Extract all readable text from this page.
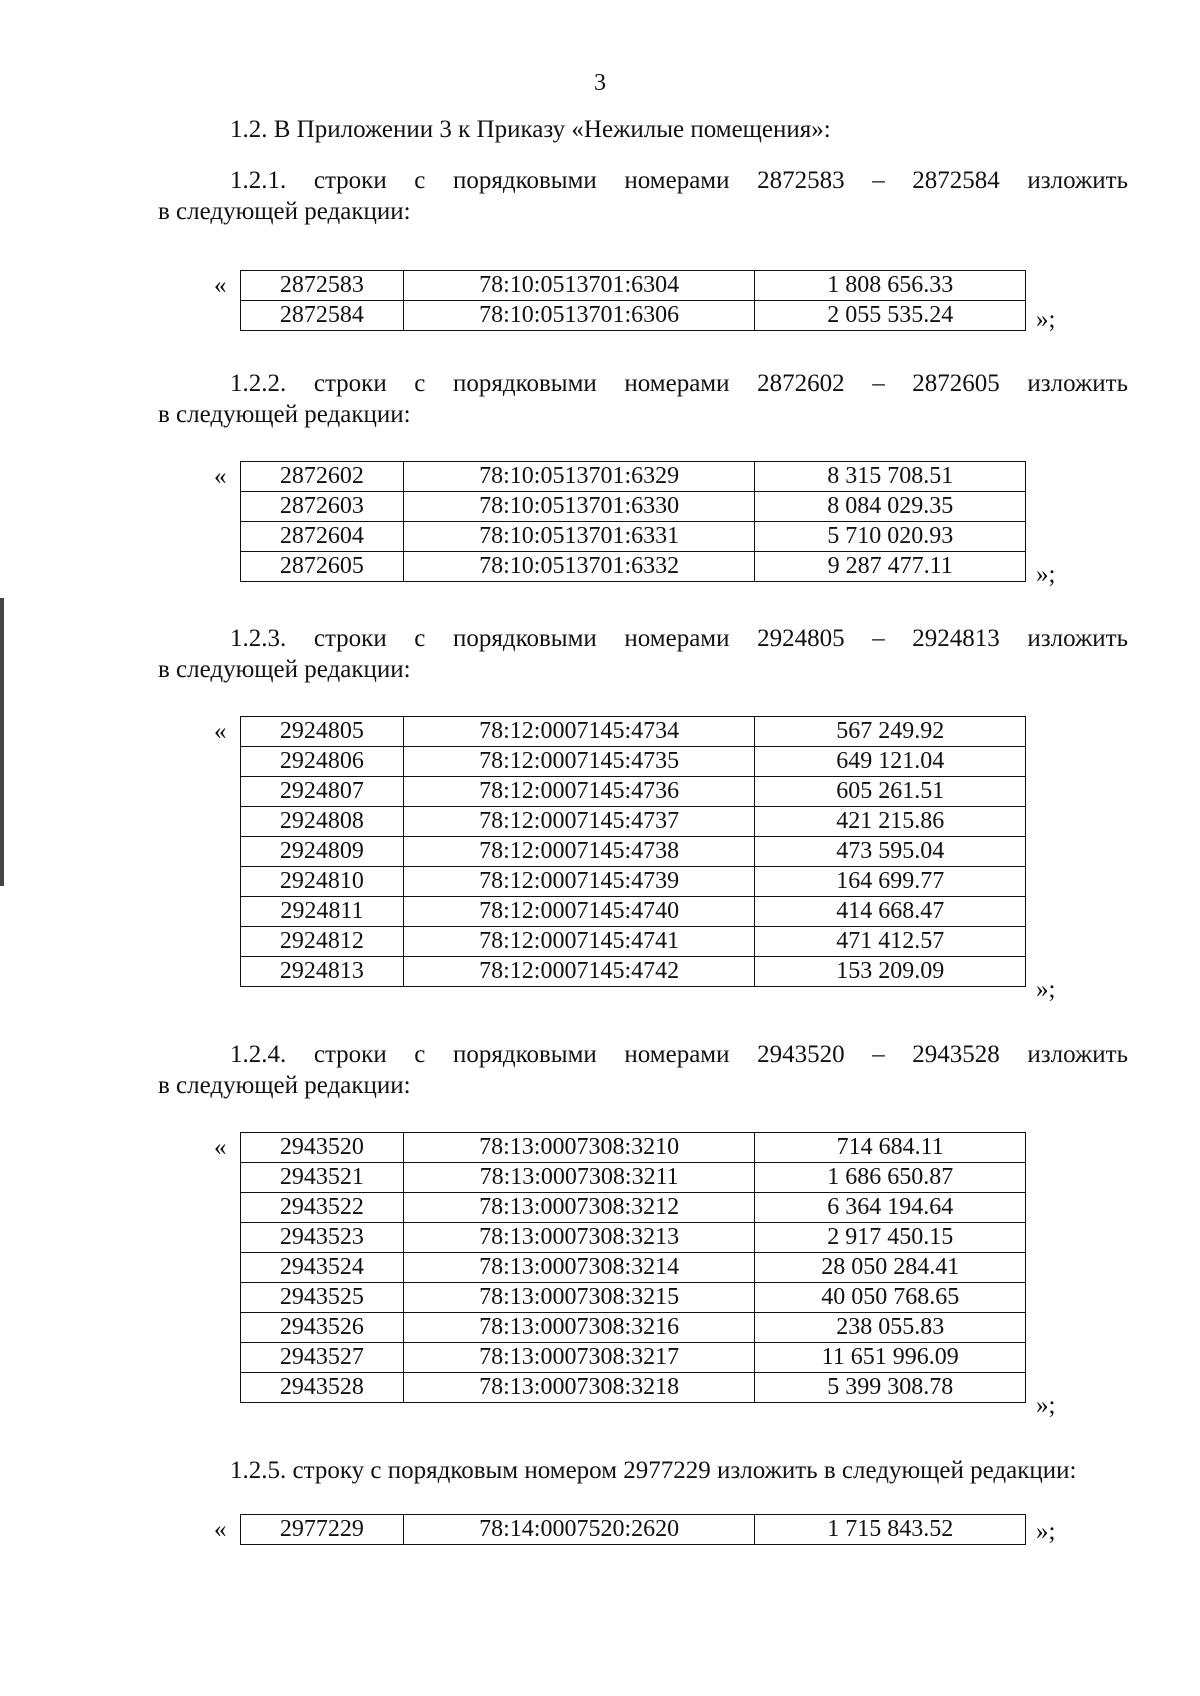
3
1.2. В Приложении 3 к Приказу «Нежилые помещения»:
1.2.1. строки с порядковыми номерами 2872583 – 2872584 изложить
в следующей редакции:
« 2872583	78:10:0513701:6304	1 808 656.33
2872584	78:10:0513701:6306	2 055 535.24	»;
1.2.2. строки с порядковыми номерами 2872602 – 2872605 изложить
в следующей редакции:
« 2872602	78:10:0513701:6329	8 315 708.51
2872603	78:10:0513701:6330	8 084 029.35
2872604	78:10:0513701:6331	5 710 020.93
2872605	78:10:0513701:6332	9 287 477.11	»;
1.2.3. строки с порядковыми номерами 2924805 – 2924813 изложить
в следующей редакции:
« 2924805	78:12:0007145:4734	567 249.92
2924806	78:12:0007145:4735	649 121.04
2924807	78:12:0007145:4736	605 261.51
2924808	78:12:0007145:4737	421 215.86
2924809	78:12:0007145:4738	473 595.04
2924810	78:12:0007145:4739	164 699.77
2924811	78:12:0007145:4740	414 668.47
2924812	78:12:0007145:4741	471 412.57
2924813	78:12:0007145:4742	153 209.09
»;
1.2.4. строки с порядковыми номерами 2943520 – 2943528 изложить
в следующей редакции:
« 2943520	78:13:0007308:3210	714 684.11
2943521	78:13:0007308:3211	1 686 650.87
2943522	78:13:0007308:3212	6 364 194.64
2943523	78:13:0007308:3213	2 917 450.15
2943524	78:13:0007308:3214	28 050 284.41
2943525	78:13:0007308:3215	40 050 768.65
2943526	78:13:0007308:3216	238 055.83
2943527	78:13:0007308:3217	11 651 996.09
2943528	78:13:0007308:3218	5 399 308.78
»;
1.2.5. строку с порядковым номером 2977229 изложить в следующей редакции:
« 2977229	78:14:0007520:2620	1 715 843.52	»;
